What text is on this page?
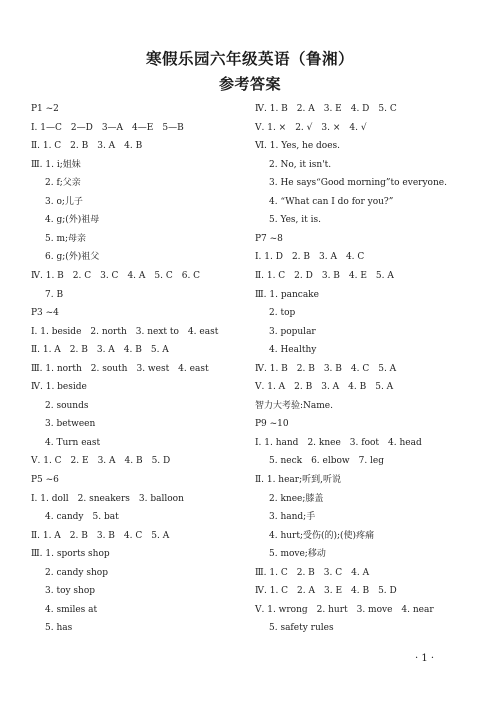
寒假乐园六年级英语（鲁湘）
参考答案
P1 ~2
Ⅰ. 1—C　2—D　3—A　4—E　5—B
Ⅱ. 1. C　2. B　3. A　4. B
Ⅲ. 1. i;姐妹
2. f;父亲
3. o;儿子
4. g;(外)祖母
5. m;母亲
6. g;(外)祖父
Ⅳ. 1. B　2. C　3. C　4. A　5. C　6. C
7. B
P3 ~4
Ⅰ. 1. beside　2. north　3. next to　4. east
Ⅱ. 1. A　2. B　3. A　4. B　5. A
Ⅲ. 1. north　2. south　3. west　4. east
Ⅳ. 1. beside
2. sounds
3. between
4. Turn east
Ⅴ. 1. C　2. E　3. A　4. B　5. D
P5 ~6
Ⅰ. 1. doll　2. sneakers　3. balloon
4. candy　5. bat
Ⅱ. 1. A　2. B　3. B　4. C　5. A
Ⅲ. 1. sports shop
2. candy shop
3. toy shop
4. smiles at
5. has
Ⅳ. 1. B　2. A　3. E　4. D　5. C
Ⅴ. 1. ×　2. √　3. ×　4. √
Ⅵ. 1. Yes, he does.
2. No, it isn't.
3. He says“Good morning”to everyone.
4. “What can I do for you?”
5. Yes, it is.
P7 ~8
Ⅰ. 1. D　2. B　3. A　4. C
Ⅱ. 1. C　2. D　3. B　4. E　5. A
Ⅲ. 1. pancake
2. top
3. popular
4. Healthy
Ⅳ. 1. B　2. B　3. B　4. C　5. A
Ⅴ. 1. A　2. B　3. A　4. B　5. A
智力大考验:Name.
P9 ~10
Ⅰ. 1. hand　2. knee　3. foot　4. head
5. neck　6. elbow　7. leg
Ⅱ. 1. hear;听到,听说
2. knee;膝盖
3. hand;手
4. hurt;受伤(的);(使)疼痛
5. move;移动
Ⅲ. 1. C　2. B　3. C　4. A
Ⅳ. 1. C　2. A　3. E　4. B　5. D
Ⅴ. 1. wrong　2. hurt　3. move　4. near
5. safety rules
· 1 ·
